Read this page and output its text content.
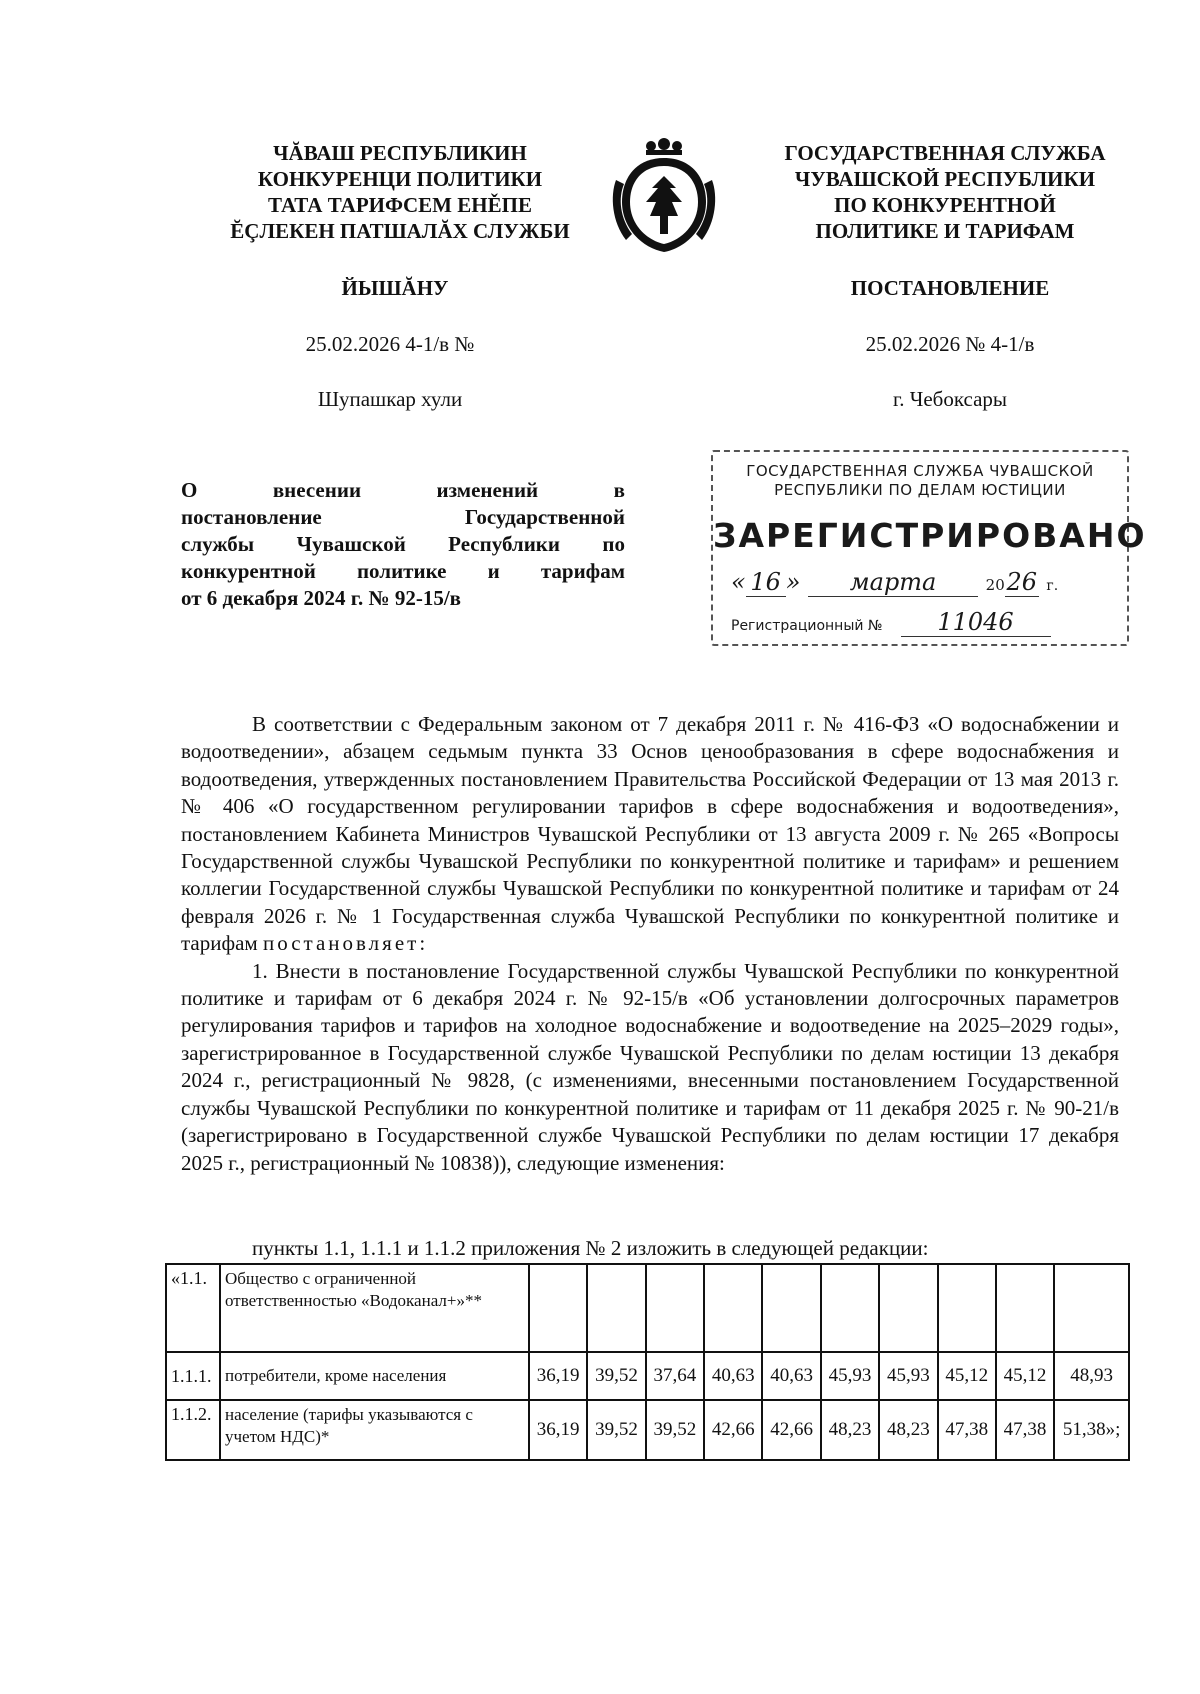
ЧĂВАШ РЕСПУБЛИКИН
КОНКУРЕНЦИ ПОЛИТИКИ
ТАТА ТАРИФСЕМ ЕНĚПЕ
ĔÇЛЕКЕН ПАТШАЛĂХ СЛУЖБИ
ГОСУДАРСТВЕННАЯ СЛУЖБА
ЧУВАШСКОЙ РЕСПУБЛИКИ
ПО КОНКУРЕНТНОЙ
ПОЛИТИКЕ И ТАРИФАМ
ЙЫШĂНУ	ПОСТАНОВЛЕНИЕ
25.02.2026 4-1/в №	25.02.2026 № 4-1/в
Шупашкар хули	г. Чебоксары
О внесении изменений в
постановление Государственной
службы Чувашской Республики по
конкурентной политике и тарифам
от 6 декабря 2024 г. № 92-15/в
ГОСУДАРСТВЕННАЯ СЛУЖБА ЧУВАШСКОЙ
РЕСПУБЛИКИ ПО ДЕЛАМ ЮСТИЦИИ
ЗАРЕГИСТРИРОВАНО
« 16 » марта	2026 г.
Регистрационный № 11046

В соответствии с Федеральным законом от 7 декабря 2011 г. № 416-ФЗ «О водоснабжении и водоотведении», абзацем седьмым пункта 33 Основ ценообразования в сфере водоснабжения и водоотведения, утвержденных постановлением Правительства Российской Федерации от 13 мая 2013 г. № 406 «О государственном регулировании тарифов в сфере водоснабжения и водоотведения», постановлением Кабинета Министров Чувашской Республики от 13 августа 2009 г. № 265 «Вопросы Государственной службы Чувашской Республики по конкурентной политике и тарифам» и решением коллегии Государственной службы Чувашской Республики по конкурентной политике и тарифам от 24 февраля 2026 г. № 1 Государственная служба Чувашской Республики по конкурентной политике и тарифам постановляет:

1. Внести в постановление Государственной службы Чувашской Республики по конкурентной политике и тарифам от 6 декабря 2024 г. № 92-15/в «Об установлении долгосрочных параметров регулирования тарифов и тарифов на холодное водоснабжение и водоотведение на 2025–2029 годы», зарегистрированное в Государственной службе Чувашской Республики по делам юстиции 13 декабря 2024 г., регистрационный № 9828, (с изменениями, внесенными постановлением Государственной службы Чувашской Республики по конкурентной политике и тарифам от 11 декабря 2025 г. № 90-21/в (зарегистрировано в Государственной службе Чувашской Республики по делам юстиции 17 декабря 2025 г., регистрационный № 10838)), следующие изменения:

пункты 1.1, 1.1.1 и 1.1.2 приложения № 2 изложить в следующей редакции:
«1.1.	Общество с ограниченной ответственностью «Водоканал+»**										
1.1.1.	потребители, кроме населения	36,19	39,52	37,64	40,63	40,63	45,93	45,93	45,12	45,12	48,93
1.1.2.	население (тарифы указываются с учетом НДС)*	36,19	39,52	39,52	42,66	42,66	48,23	48,23	47,38	47,38	51,38»;
